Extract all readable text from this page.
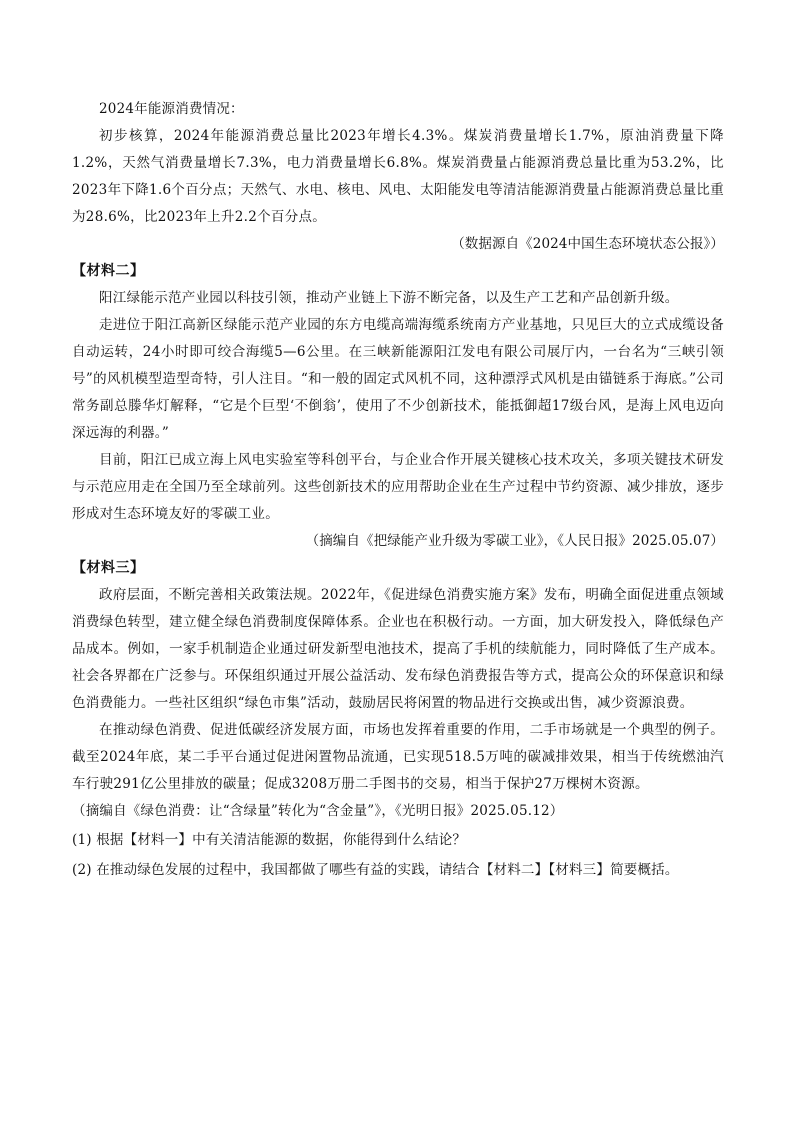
2024年能源消费情况：

初步核算，2024年能源消费总量比2023年增长4.3%。煤炭消费量增长1.7%，原油消费量下降1.2%，天然气消费量增长7.3%，电力消费量增长6.8%。煤炭消费量占能源消费总量比重为53.2%，比2023年下降1.6个百分点；天然气、水电、核电、风电、太阳能发电等清洁能源消费量占能源消费总量比重为28.6%，比2023年上升2.2个百分点。

（数据源自《2024中国生态环境状态公报》）
【材料二】

阳江绿能示范产业园以科技引领，推动产业链上下游不断完备，以及生产工艺和产品创新升级。

走进位于阳江高新区绿能示范产业园的东方电缆高端海缆系统南方产业基地，只见巨大的立式成缆设备自动运转，24小时即可绞合海缆5—6公里。在三峡新能源阳江发电有限公司展厅内，一台名为“三峡引领号”的风机模型造型奇特，引人注目。“和一般的固定式风机不同，这种漂浮式风机是由锚链系于海底。”公司常务副总滕华灯解释，“它是个巨型‘不倒翁’，使用了不少创新技术，能抵御超17级台风，是海上风电迈向深远海的利器。”

目前，阳江已成立海上风电实验室等科创平台，与企业合作开展关键核心技术攻关，多项关键技术研发与示范应用走在全国乃至全球前列。这些创新技术的应用帮助企业在生产过程中节约资源、减少排放，逐步形成对生态环境友好的零碳工业。

（摘编自《把绿能产业升级为零碳工业》，《人民日报》2025.05.07）
【材料三】

政府层面，不断完善相关政策法规。2022年，《促进绿色消费实施方案》发布，明确全面促进重点领域消费绿色转型，建立健全绿色消费制度保障体系。企业也在积极行动。一方面，加大研发投入，降低绿色产品成本。例如，一家手机制造企业通过研发新型电池技术，提高了手机的续航能力，同时降低了生产成本。社会各界都在广泛参与。环保组织通过开展公益活动、发布绿色消费报告等方式，提高公众的环保意识和绿色消费能力。一些社区组织“绿色市集”活动，鼓励居民将闲置的物品进行交换或出售，减少资源浪费。

在推动绿色消费、促进低碳经济发展方面，市场也发挥着重要的作用，二手市场就是一个典型的例子。截至2024年底，某二手平台通过促进闲置物品流通，已实现518.5万吨的碳减排效果，相当于传统燃油汽车行驶291亿公里排放的碳量；促成3208万册二手图书的交易，相当于保护27万棵树木资源。

（摘编自《绿色消费：让“含绿量”转化为“含金量”》，《光明日报》2025.05.12）
(1) 根据【材料一】中有关清洁能源的数据，你能得到什么结论？
(2) 在推动绿色发展的过程中，我国都做了哪些有益的实践，请结合【材料二】【材料三】简要概括。
